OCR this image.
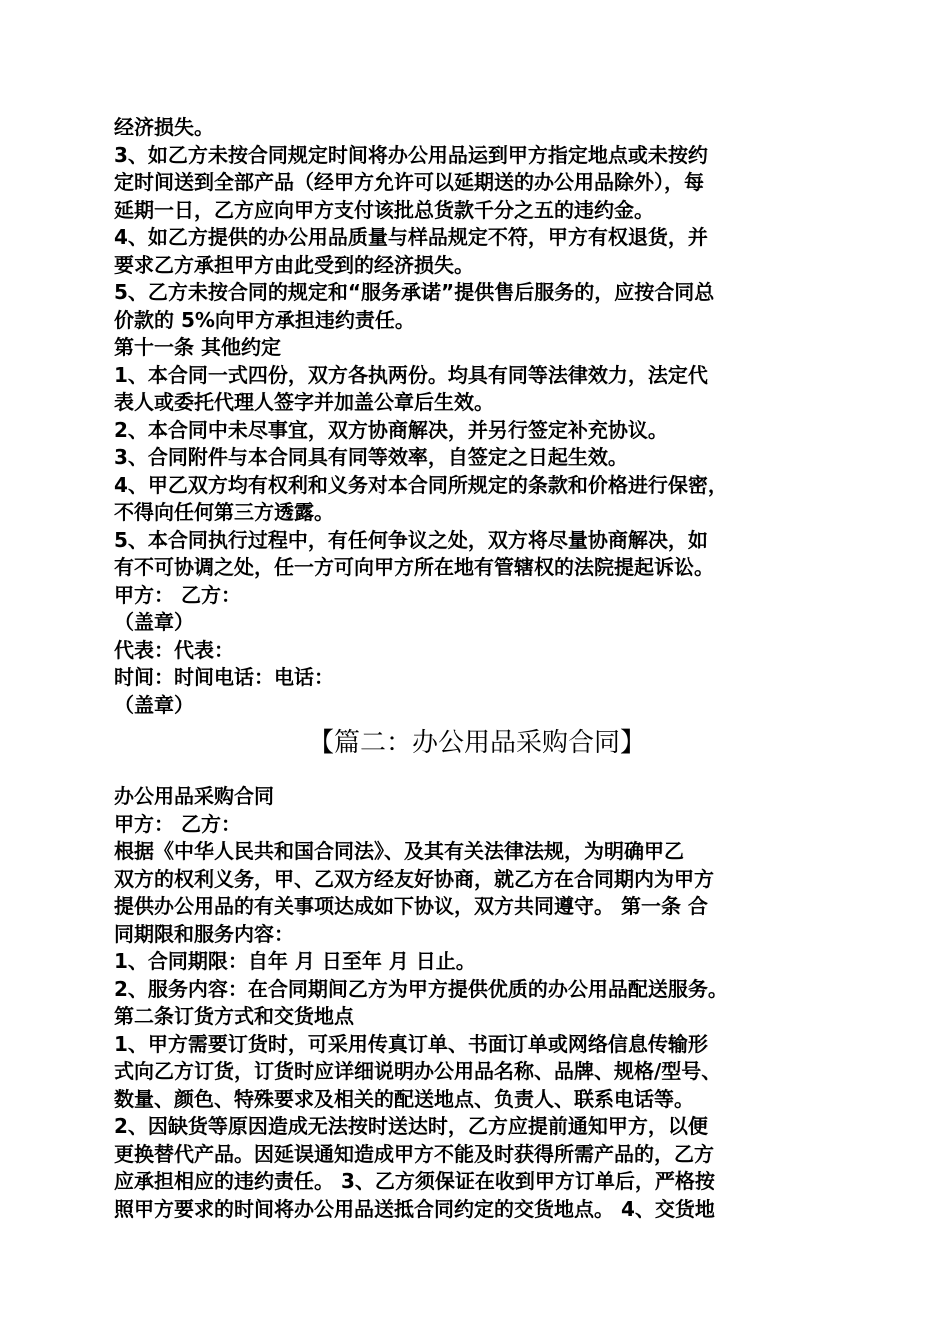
经济损失。
3、如乙方未按合同规定时间将办公用品运到甲方指定地点或未按约
定时间送到全部产品（经甲方允许可以延期送的办公用品除外），每
延期一日，乙方应向甲方支付该批总货款千分之五的违约金。
4、如乙方提供的办公用品质量与样品规定不符，甲方有权退货，并
要求乙方承担甲方由此受到的经济损失。
5、乙方未按合同的规定和“服务承诺”提供售后服务的，应按合同总
价款的 5%向甲方承担违约责任。
第十一条 其他约定
1、本合同一式四份，双方各执两份。均具有同等法律效力，法定代
表人或委托代理人签字并加盖公章后生效。
2、本合同中未尽事宜，双方协商解决，并另行签定补充协议。
3、合同附件与本合同具有同等效率，自签定之日起生效。
4、甲乙双方均有权利和义务对本合同所规定的条款和价格进行保密，
不得向任何第三方透露。
5、本合同执行过程中，有任何争议之处，双方将尽量协商解决，如
有不可协调之处，任一方可向甲方所在地有管辖权的法院提起诉讼。
甲方： 乙方：
（盖章）
代表：代表：
时间：时间电话：电话：
（盖章）
【篇二：办公用品采购合同】
办公用品采购合同
甲方： 乙方：
根据《中华人民共和国合同法》、及其有关法律法规，为明确甲乙
双方的权利义务，甲、乙双方经友好协商，就乙方在合同期内为甲方
提供办公用品的有关事项达成如下协议，双方共同遵守。 第一条 合
同期限和服务内容：
1、合同期限：自年 月 日至年 月 日止。
2、服务内容：在合同期间乙方为甲方提供优质的办公用品配送服务。
第二条订货方式和交货地点
1、甲方需要订货时，可采用传真订单、书面订单或网络信息传输形
式向乙方订货，订货时应详细说明办公用品名称、品牌、规格/型号、
数量、颜色、特殊要求及相关的配送地点、负责人、联系电话等。
2、因缺货等原因造成无法按时送达时，乙方应提前通知甲方，以便
更换替代产品。因延误通知造成甲方不能及时获得所需产品的，乙方
应承担相应的违约责任。 3、乙方须保证在收到甲方订单后，严格按
照甲方要求的时间将办公用品送抵合同约定的交货地点。 4、交货地
